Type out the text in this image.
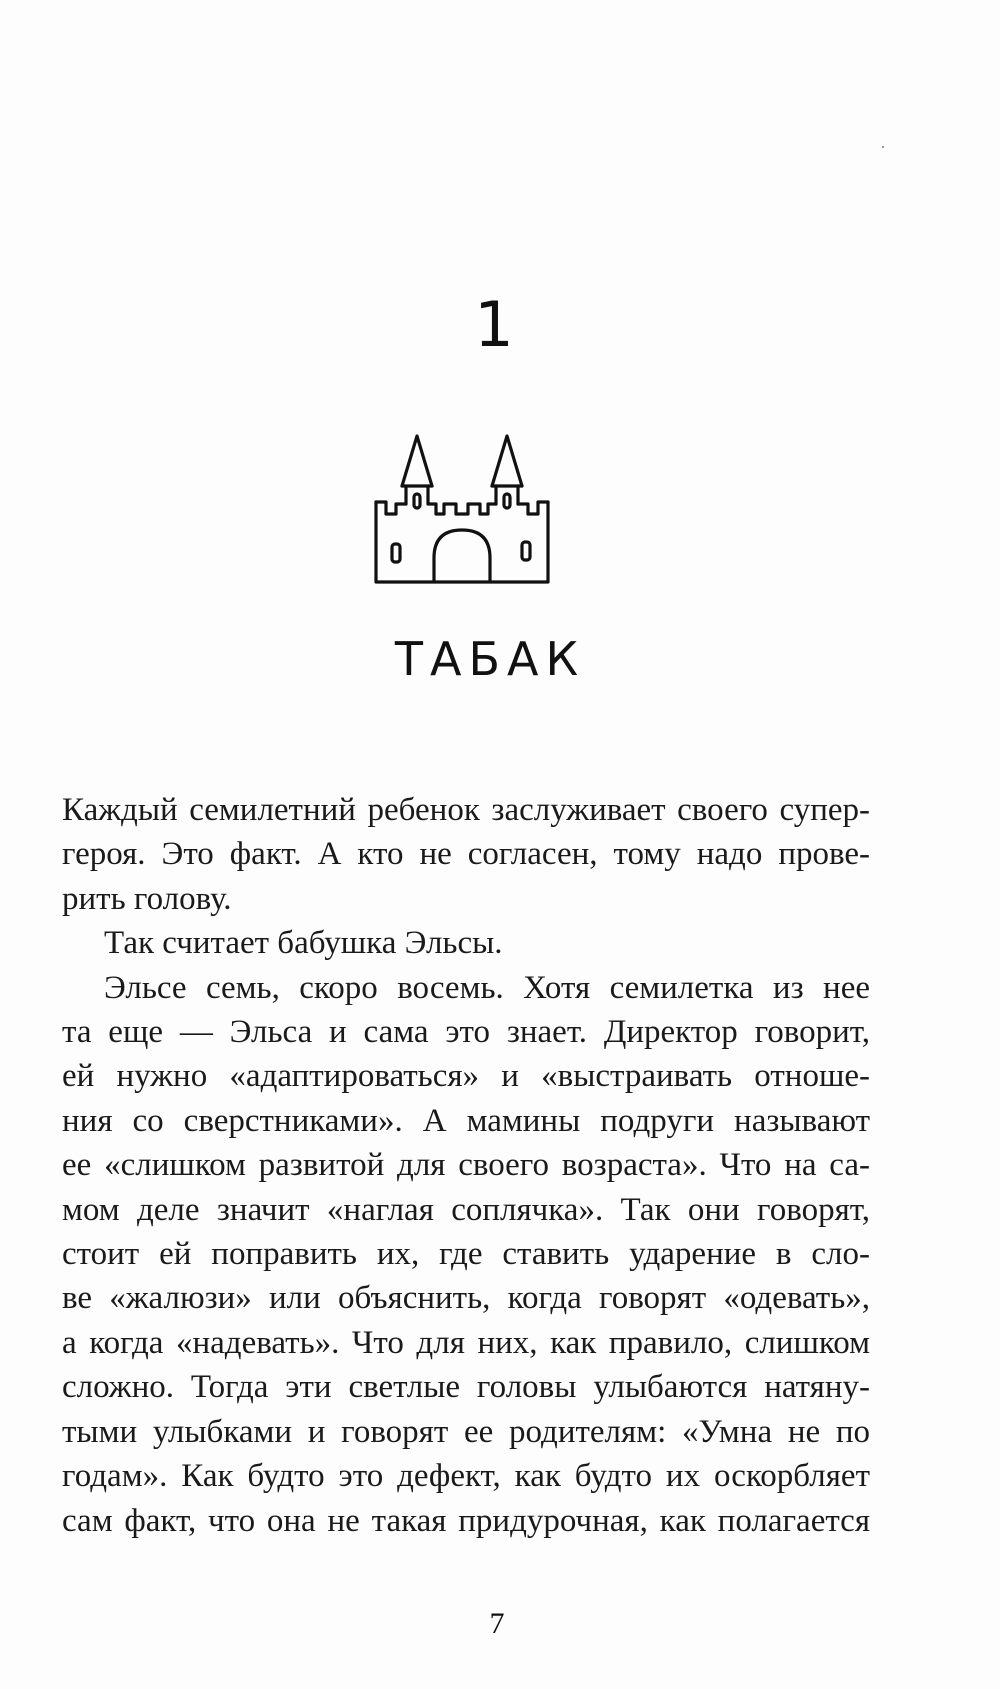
1
ТАБАК

Каждый семилетний ребенок заслуживает своего супер-
героя. Это факт. А кто не согласен, тому надо прове-
рить голову.

Так считает бабушка Эльсы.

Эльсе семь, скоро восемь. Хотя семилетка из нее
та еще — Эльса и сама это знает. Директор говорит,
ей нужно «адаптироваться» и «выстраивать отноше-
ния со сверстниками». А мамины подруги называют
ее «слишком развитой для своего возраста». Что на са-
мом деле значит «наглая соплячка». Так они говорят,
стоит ей поправить их, где ставить ударение в сло-
ве «жалюзи» или объяснить, когда говорят «одевать»,
а когда «надевать». Что для них, как правило, слишком
сложно. Тогда эти светлые головы улыбаются натяну-
тыми улыбками и говорят ее родителям: «Умна не по
годам». Как будто это дефект, как будто их оскорбляет
сам факт, что она не такая придурочная, как полагается

7
